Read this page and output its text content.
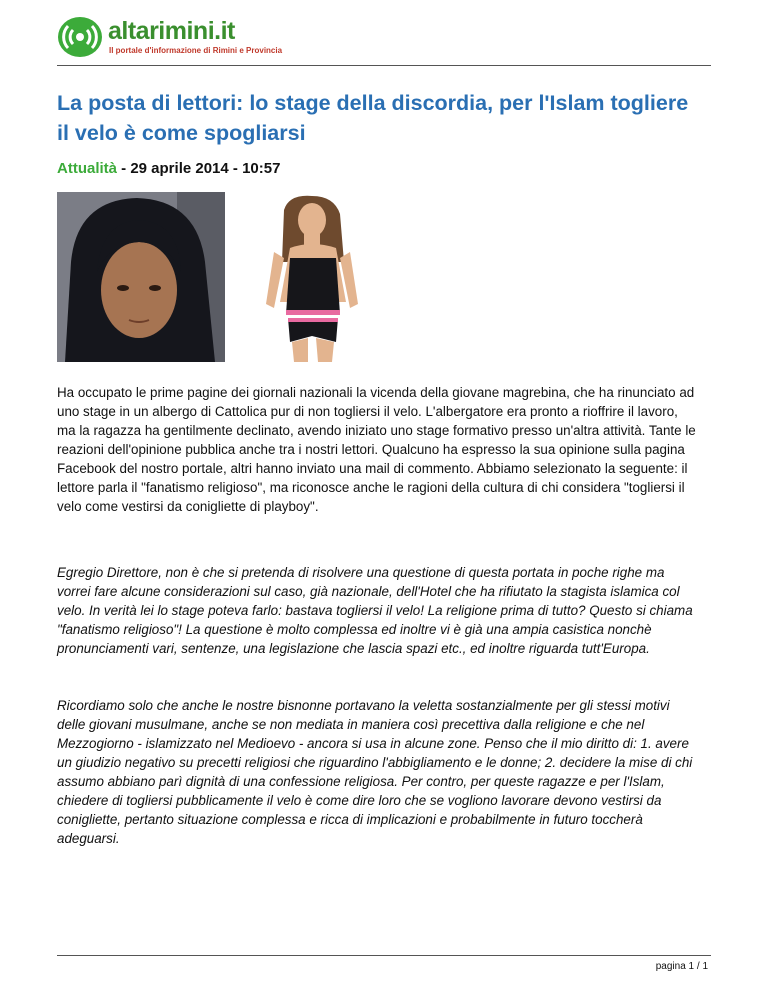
altarimini.it
Il portale d'informazione di Rimini e Provincia
La posta di lettori: lo stage della discordia, per l'Islam togliere il velo è come spogliarsi
Attualità - 29 aprile 2014 - 10:57

Ha occupato le prime pagine dei giornali nazionali la vicenda della giovane magrebina, che ha rinunciato ad uno stage in un albergo di Cattolica pur di non togliersi il velo. L'albergatore era pronto a rioffrire il lavoro, ma la ragazza ha gentilmente declinato, avendo iniziato uno stage formativo presso un'altra attività. Tante le reazioni dell'opinione pubblica anche tra i nostri lettori. Qualcuno ha espresso la sua opinione sulla pagina Facebook del nostro portale, altri hanno inviato una mail di commento. Abbiamo selezionato la seguente: il lettore parla il "fanatismo religioso", ma riconosce anche le ragioni della cultura di chi considera "togliersi il velo come vestirsi da conigliette di playboy".

Egregio Direttore, non è che si pretenda di risolvere una questione di questa portata in poche righe ma vorrei fare alcune considerazioni sul caso, già nazionale, dell'Hotel che ha rifiutato la stagista islamica col velo. In verità lei lo stage poteva farlo: bastava togliersi il velo! La religione prima di tutto? Questo si chiama "fanatismo religioso"! La questione è molto complessa ed inoltre vi è già una ampia casistica nonchè pronunciamenti vari, sentenze, una legislazione che lascia spazi etc., ed inoltre riguarda tutt'Europa.

Ricordiamo solo che anche le nostre bisnonne portavano la veletta sostanzialmente per gli stessi motivi delle giovani musulmane, anche se non mediata in maniera così precettiva dalla religione e che nel Mezzogiorno - islamizzato nel Medioevo - ancora si usa in alcune zone. Penso che il mio diritto di: 1. avere un giudizio negativo su precetti religiosi che riguardino l'abbigliamento e le donne; 2. decidere la mise di chi assumo abbiano parì dignità di una confessione religiosa. Per contro, per queste ragazze e per l'Islam, chiedere di togliersi pubblicamente il velo è come dire loro che se vogliono lavorare devono vestirsi da conigliette, pertanto situazione complessa e ricca di implicazioni e probabilmente in futuro toccherà adeguarsi.

pagina 1 / 1
